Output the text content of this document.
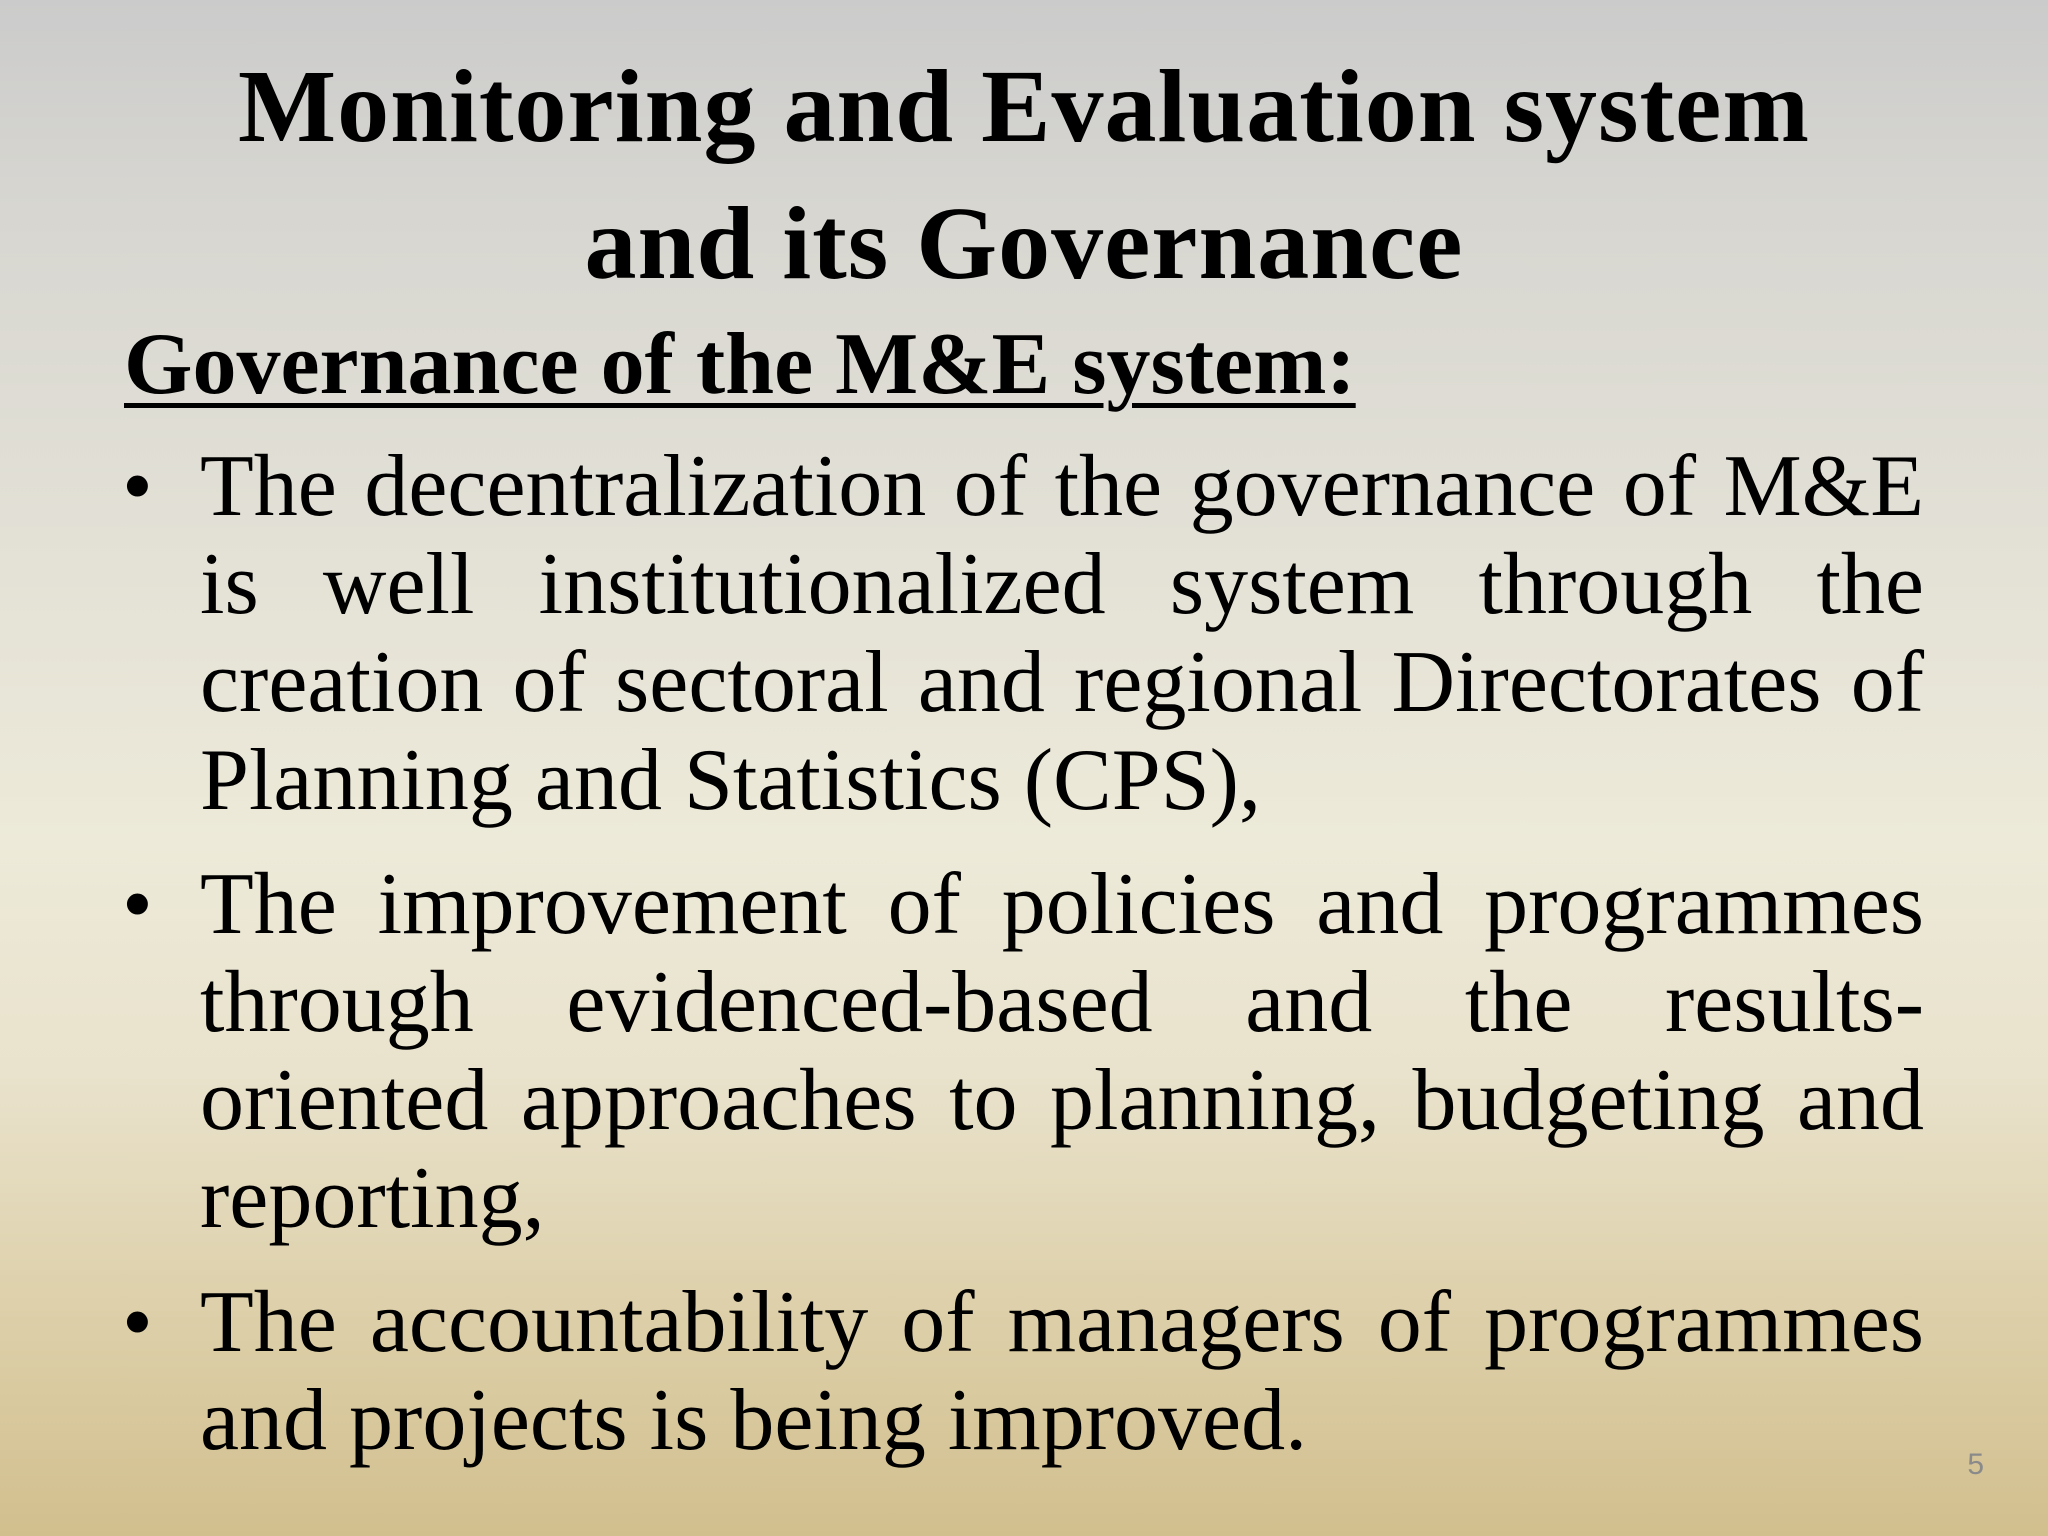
Monitoring and Evaluation system
and its Governance
Governance of the M&E system:
• The decentralization of the governance of M&E is well institutionalized system through the creation of sectoral and regional Directorates of Planning and Statistics (CPS),
• The improvement of policies and programmes through evidenced-based and the results-oriented approaches to planning, budgeting and reporting,
• The accountability of managers of programmes and projects is being improved.	5
